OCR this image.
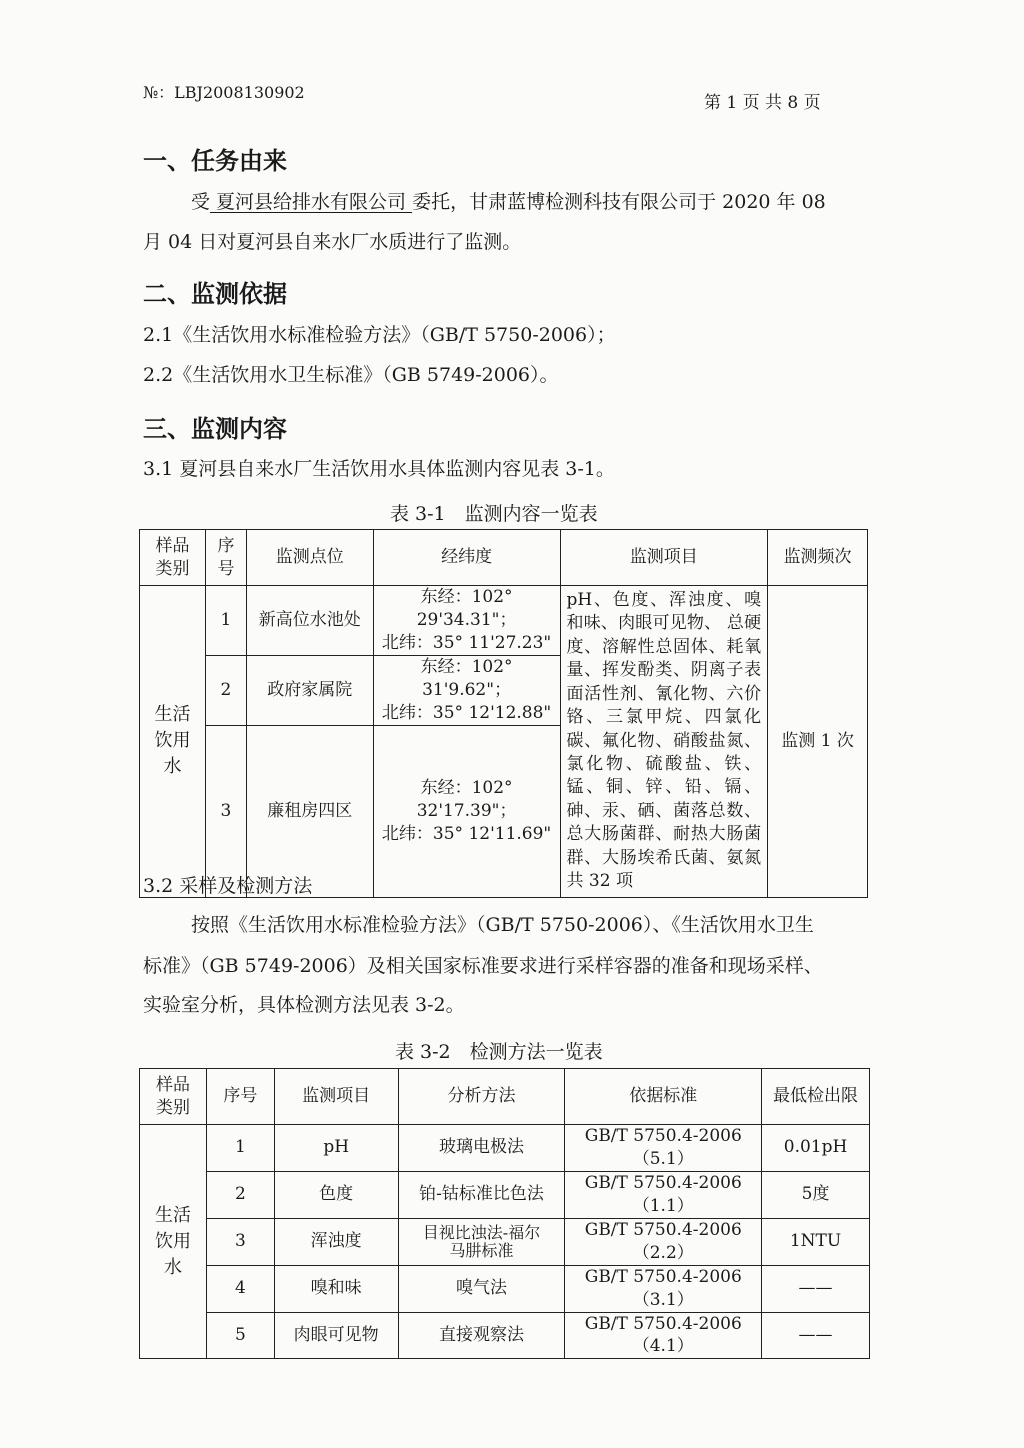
№：LBJ2008130902
第 1 页 共 8 页
一、任务由来
受 夏河县给排水有限公司 委托，甘肃蓝博检测科技有限公司于 2020 年 08
月 04 日对夏河县自来水厂水质进行了监测。
二、监测依据
2.1《生活饮用水标准检验方法》（GB/T 5750-2006）；
2.2《生活饮用水卫生标准》（GB 5749-2006）。
三、监测内容
3.1 夏河县自来水厂生活饮用水具体监测内容见表 3-1。
表 3-1　监测内容一览表
样品类别	序号	监测点位	经纬度	监测项目	监测频次

生活饮用水	1	新高位水池处	东经：102° 29'34.31"；
北纬：35° 11'27.23"	pH、色度、浑浊度、嗅和味、肉眼可见物、 总硬度、溶解性总固体、耗氧量、挥发酚类、阴离子表面活性剂、氰化物、六价铬、三氯甲烷、四氯化碳、氟化物、硝酸盐氮、氯化物、硫酸盐、铁、锰、铜、锌、铅、镉、砷、汞、硒、菌落总数、总大肠菌群、耐热大肠菌群、大肠埃希氏菌、氨氮共 32 项	监测 1 次
	2	政府家属院	东经：102° 31'9.62"；
北纬：35° 12'12.88"		

	3	廉租房四区	东经：102° 32'17.39"；
北纬：35° 12'11.69"		
3.2 采样及检测方法
按照《生活饮用水标准检验方法》（GB/T 5750-2006）、《生活饮用水卫生
标准》（GB 5749-2006）及相关国家标准要求进行采样容器的准备和现场采样、
实验室分析，具体检测方法见表 3-2。
表 3-2　检测方法一览表
样品类别	序号	监测项目	分析方法	依据标准	最低检出限

生活饮用水	1	pH	玻璃电极法	GB/T 5750.4-2006（5.1）	0.01pH
	2	色度	铂-钴标准比色法	GB/T 5750.4-2006（1.1）	5度
	3	浑浊度	目视比浊法-福尔马肼标准	GB/T 5750.4-2006（2.2）	1NTU
	4	嗅和味	嗅气法	GB/T 5750.4-2006（3.1）	——
	5	肉眼可见物	直接观察法	GB/T 5750.4-2006（4.1）	——
